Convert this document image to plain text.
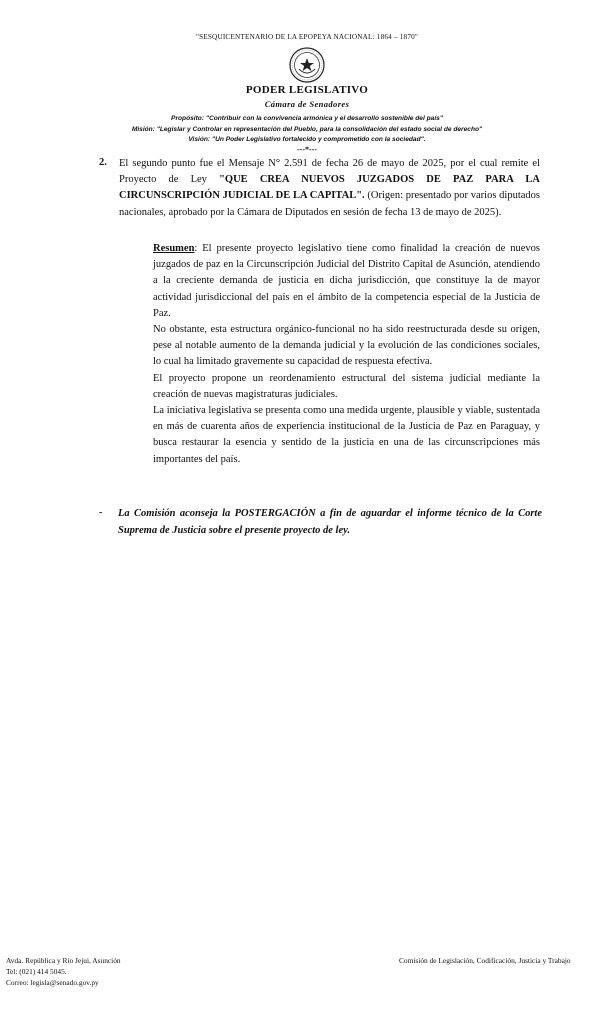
"SESQUICENTENARIO DE LA EPOPEYA NACIONAL: 1864 – 1870"
PODER LEGISLATIVO
Cámara de Senadores
Propósito: "Contribuir con la convivencia armónica y el desarrollo sostenible del país"
Misión: "Legislar y Controlar en representación del Pueblo, para la consolidación del estado social de derecho"
Visión: "Un Poder Legislativo fortalecido y comprometido con la sociedad".
---*---
2. El segundo punto fue el Mensaje N° 2.591 de fecha 26 de mayo de 2025, por el cual remite el Proyecto de Ley "QUE CREA NUEVOS JUZGADOS DE PAZ PARA LA CIRCUNSCRIPCIÓN JUDICIAL DE LA CAPITAL". (Origen: presentado por varios diputados nacionales, aprobado por la Cámara de Diputados en sesión de fecha 13 de mayo de 2025).

Resumen: El presente proyecto legislativo tiene como finalidad la creación de nuevos juzgados de paz en la Circunscripción Judicial del Distrito Capital de Asunción, atendiendo a la creciente demanda de justicia en dicha jurisdicción, que constituye la de mayor actividad jurisdiccional del país en el ámbito de la competencia especial de la Justicia de Paz.

No obstante, esta estructura orgánico-funcional no ha sido reestructurada desde su origen, pese al notable aumento de la demanda judicial y la evolución de las condiciones sociales, lo cual ha limitado gravemente su capacidad de respuesta efectiva.

El proyecto propone un reordenamiento estructural del sistema judicial mediante la creación de nuevas magistraturas judiciales.

La iniciativa legislativa se presenta como una medida urgente, plausible y viable, sustentada en más de cuarenta años de experiencia institucional de la Justicia de Paz en Paraguay, y busca restaurar la esencia y sentido de la justicia en una de las circunscripciones más importantes del país.

- La Comisión aconseja la POSTERGACIÓN a fin de aguardar el informe técnico de la Corte Suprema de Justicia sobre el presente proyecto de ley.
Avda. República y Rio Jejui, Asunción
Tel: (021) 414 5045.
Correo: legisla@senado.gov.py
Comisión de Legislación, Codificación, Justicia y Trabajo
